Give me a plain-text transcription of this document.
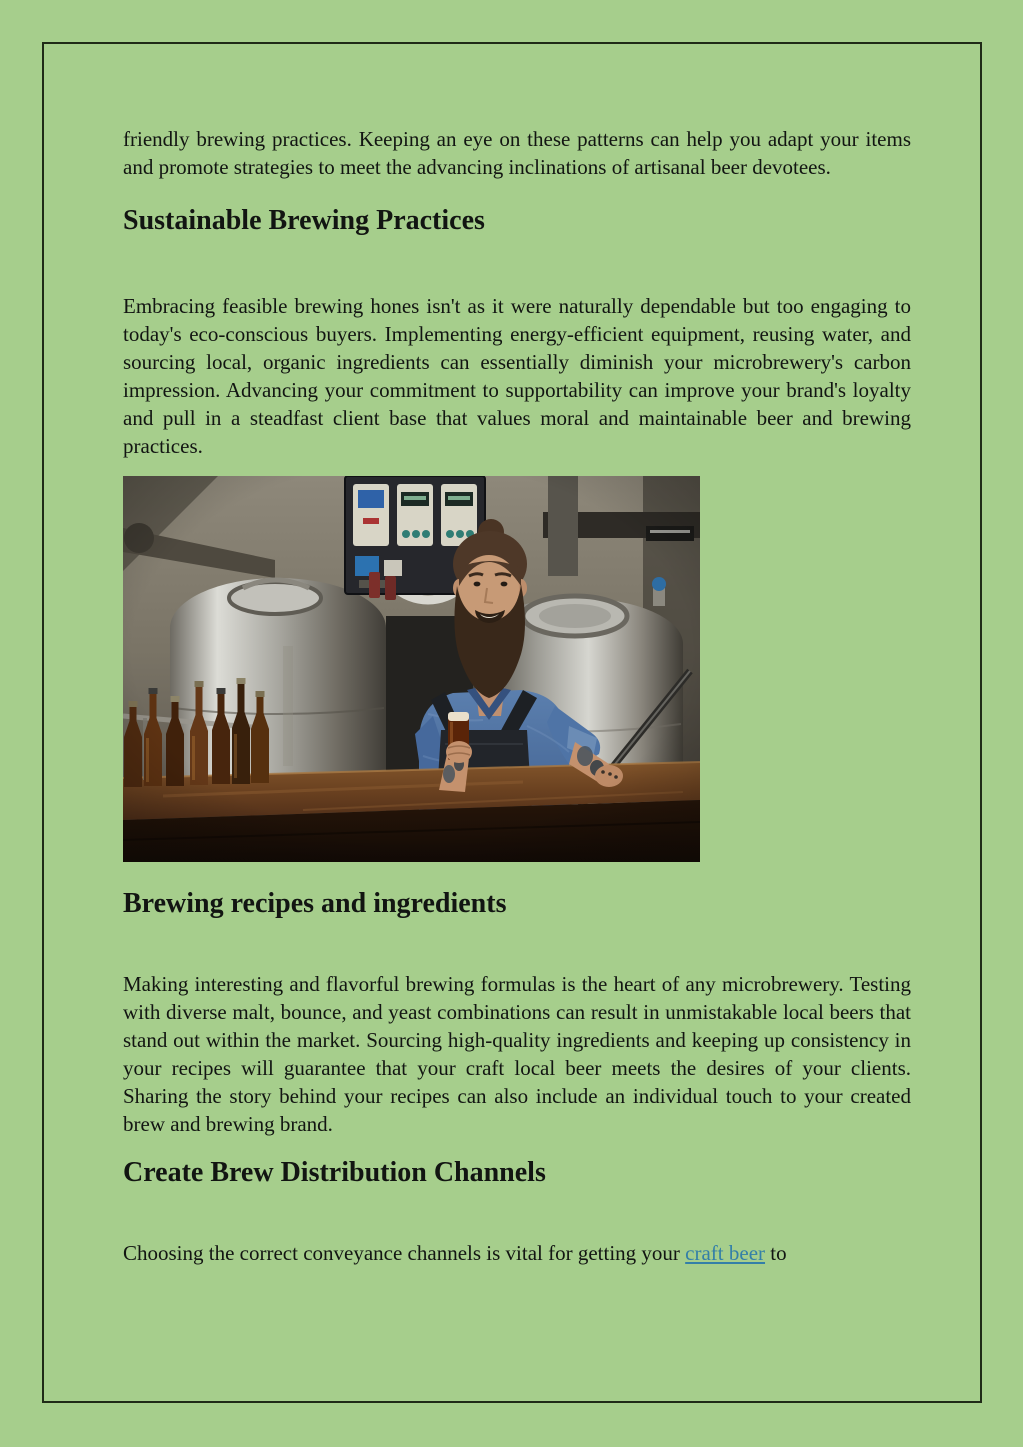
friendly brewing practices. Keeping an eye on these patterns can help you adapt your items and promote strategies to meet the advancing inclinations of artisanal beer devotees.

Sustainable Brewing Practices

Embracing feasible brewing hones isn't as it were naturally dependable but too engaging to today's eco-conscious buyers. Implementing energy-efficient equipment, reusing water, and sourcing local, organic ingredients can essentially diminish your microbrewery's carbon impression. Advancing your commitment to supportability can improve your brand's loyalty and pull in a steadfast client base that values moral and maintainable beer and brewing practices.

Brewing recipes and ingredients

Making interesting and flavorful brewing formulas is the heart of any microbrewery. Testing with diverse malt, bounce, and yeast combinations can result in unmistakable local beers that stand out within the market. Sourcing high-quality ingredients and keeping up consistency in your recipes will guarantee that your craft local beer meets the desires of your clients. Sharing the story behind your recipes can also include an individual touch to your created brew and brewing brand.

Create Brew Distribution Channels

Choosing the correct conveyance channels is vital for getting your craft beer to
